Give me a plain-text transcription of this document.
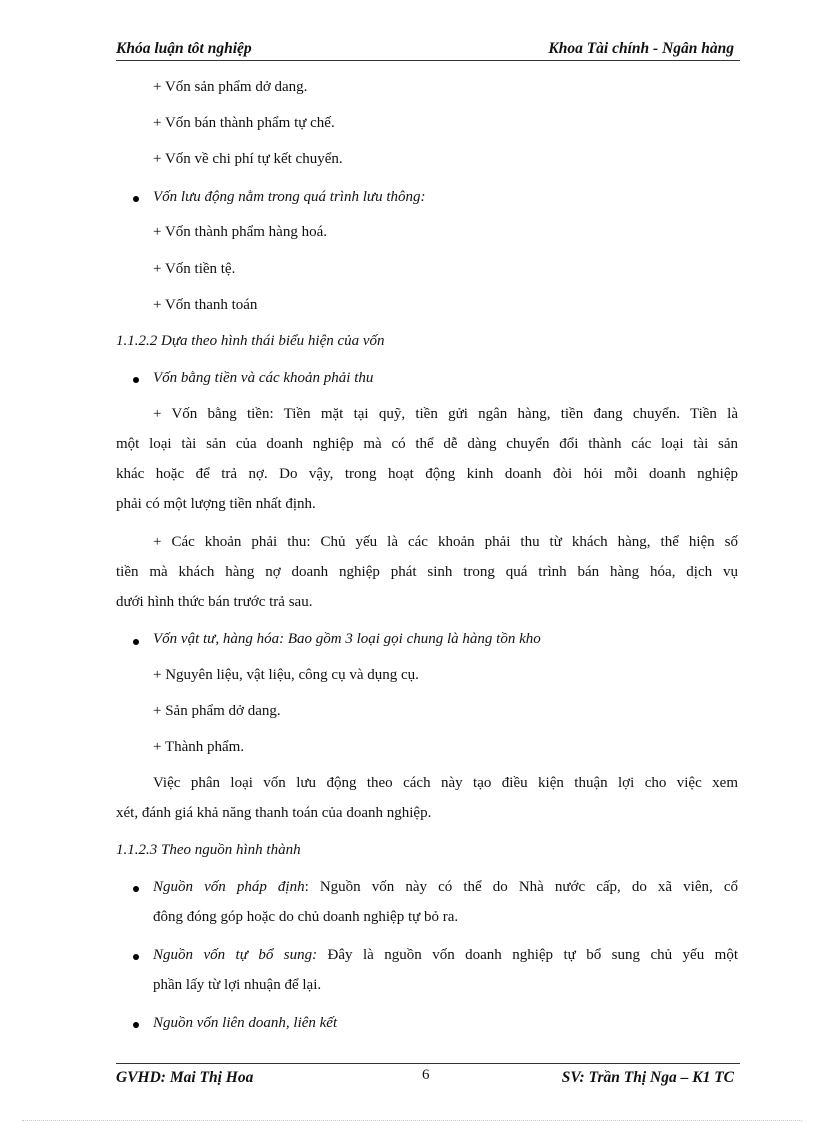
Khóa luận tôt nghiệp	Khoa Tài chính - Ngân hàng
+ Vốn sản phẩm dở dang.
+ Vốn bán thành phẩm tự chế.
+ Vốn về chi phí tự kết chuyển.
Vốn lưu động nằm trong quá trình lưu thông:
+ Vốn thành phẩm hàng hoá.
+ Vốn tiền tệ.
+ Vốn thanh toán
1.1.2.2 Dựa theo hình thái biểu hiện của vốn
Vốn bằng tiền và các khoản phải thu
+ Vốn bằng tiền: Tiền mặt tại quỹ, tiền gửi ngân hàng, tiền đang chuyển. Tiền là
một loại tài sản của doanh nghiệp mà có thể dễ dàng chuyển đổi thành các loại tài sản
khác hoặc để trả nợ. Do vậy, trong hoạt động kinh doanh đòi hỏi mỗi doanh nghiệp
phải có một lượng tiền nhất định.
+ Các khoản phải thu: Chủ yếu là các khoản phải thu từ khách hàng, thể hiện số
tiền mà khách hàng nợ doanh nghiệp phát sinh trong quá trình bán hàng hóa, dịch vụ
dưới hình thức bán trước trả sau.
Vốn vật tư, hàng hóa: Bao gồm 3 loại gọi chung là hàng tồn kho
+ Nguyên liệu, vật liệu, công cụ và dụng cụ.
+ Sản phẩm dở dang.
+ Thành phẩm.
Việc phân loại vốn lưu động theo cách này tạo điều kiện thuận lợi cho việc xem
xét, đánh giá khả năng thanh toán của doanh nghiệp.
1.1.2.3 Theo nguồn hình thành
Nguồn vốn pháp định: Nguồn vốn này có thể do Nhà nước cấp, do xã viên, cổ
đông đóng góp hoặc do chủ doanh nghiệp tự bỏ ra.
Nguồn vốn tự bổ sung: Đây là nguồn vốn doanh nghiệp tự bổ sung chủ yếu một
phần lấy từ lợi nhuận để lại.
Nguồn vốn liên doanh, liên kết
GVHD: Mai Thị Hoa	6	SV: Trần Thị Nga – K1 TC
